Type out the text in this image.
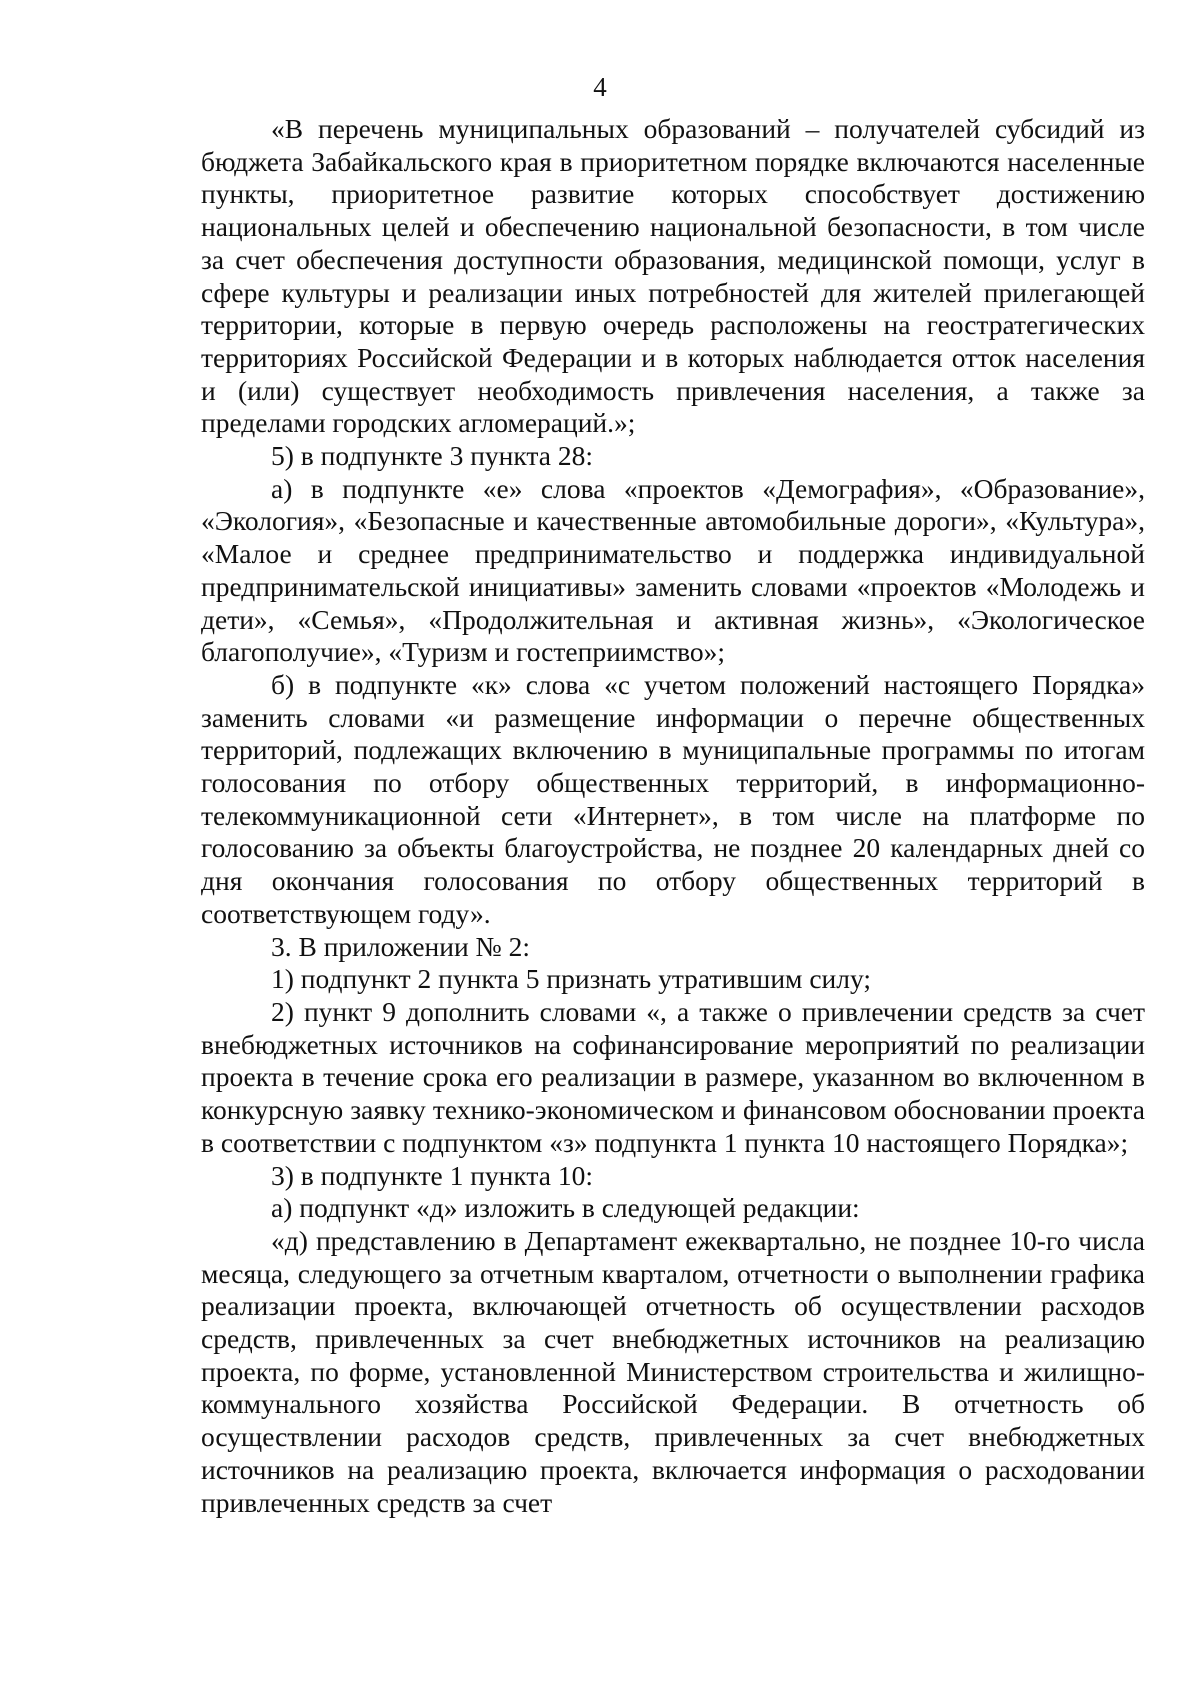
4

«В перечень муниципальных образований – получателей субсидий из бюджета Забайкальского края в приоритетном порядке включаются населенные пункты, приоритетное развитие которых способствует достижению национальных целей и обеспечению национальной безопасности, в том числе за счет обеспечения доступности образования, медицинской помощи, услуг в сфере культуры и реализации иных потребностей для жителей прилегающей территории, которые в первую очередь расположены на геостратегических территориях Российской Федерации и в которых наблюдается отток населения и (или) существует необходимость привлечения населения, а также за пределами городских агломераций.»;

5) в подпункте 3 пункта 28:

а) в подпункте «е» слова «проектов «Демография», «Образование», «Экология», «Безопасные и качественные автомобильные дороги», «Культура», «Малое и среднее предпринимательство и поддержка индивидуальной предпринимательской инициативы» заменить словами «проектов «Молодежь и дети», «Семья», «Продолжительная и активная жизнь», «Экологическое благополучие», «Туризм и гостеприимство»;

б) в подпункте «к» слова «с учетом положений настоящего Порядка» заменить словами «и размещение информации о перечне общественных территорий, подлежащих включению в муниципальные программы по итогам голосования по отбору общественных территорий, в информационно-телекоммуникационной сети «Интернет», в том числе на платформе по голосованию за объекты благоустройства, не позднее 20 календарных дней со дня окончания голосования по отбору общественных территорий в соответствующем году».

3. В приложении № 2:

1) подпункт 2 пункта 5 признать утратившим силу;

2) пункт 9 дополнить словами «, а также о привлечении средств за счет внебюджетных источников на софинансирование мероприятий по реализации проекта в течение срока его реализации в размере, указанном во включенном в конкурсную заявку технико-экономическом и финансовом обосновании проекта в соответствии с подпунктом «з» подпункта 1 пункта 10 настоящего Порядка»;

3) в подпункте 1 пункта 10:

а) подпункт «д» изложить в следующей редакции:

«д) представлению в Департамент ежеквартально, не позднее 10-го числа месяца, следующего за отчетным кварталом, отчетности о выполнении графика реализации проекта, включающей отчетность об осуществлении расходов средств, привлеченных за счет внебюджетных источников на реализацию проекта, по форме, установленной Министерством строительства и жилищно-коммунального хозяйства Российской Федерации. В отчетность об осуществлении расходов средств, привлеченных за счет внебюджетных источников на реализацию проекта, включается информация о расходовании привлеченных средств за счет
